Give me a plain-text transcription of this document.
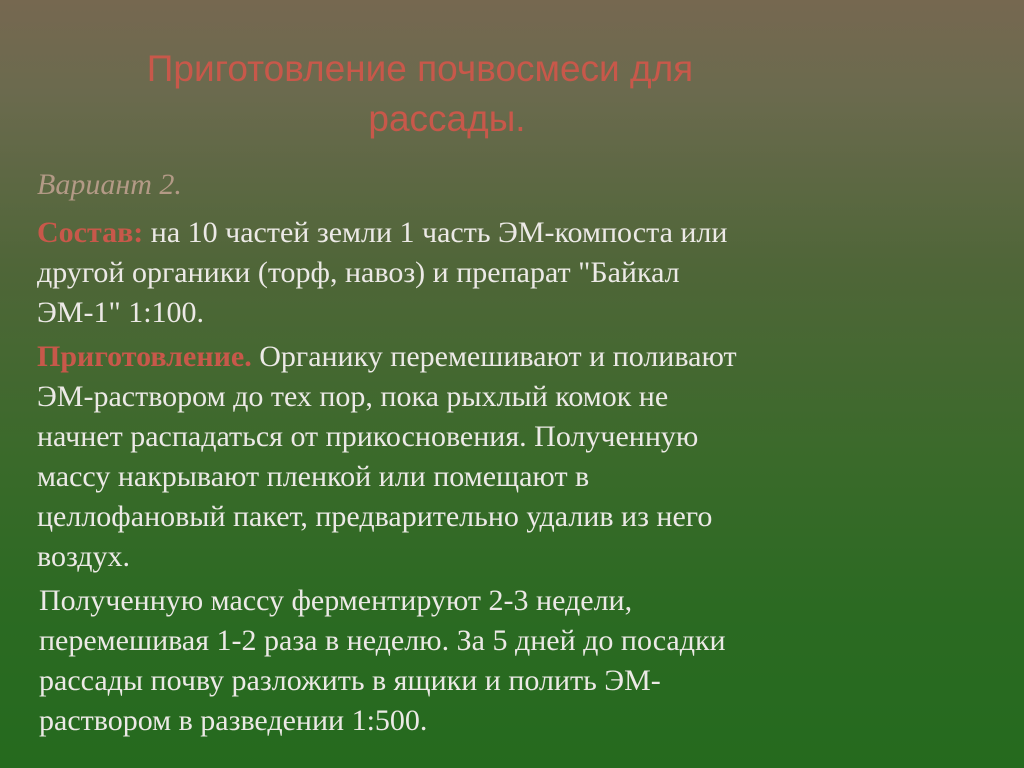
Приготовление почвосмеси для
рассады.

Вариант 2.

Состав: на 10 частей земли 1 часть ЭМ-компоста или другой органики (торф, навоз) и препарат "Байкал ЭМ-1" 1:100.

Приготовление. Органику перемешивают и поливают ЭМ-раствором до тех пор, пока рыхлый комок не начнет распадаться от прикосновения. Полученную массу накрывают пленкой или помещают в целлофановый пакет, предварительно удалив из него воздух.

Полученную массу ферментируют 2-3 недели, перемешивая 1-2 раза в неделю. За 5 дней до посадки рассады почву разложить в ящики и полить ЭМ-раствором в разведении 1:500.
